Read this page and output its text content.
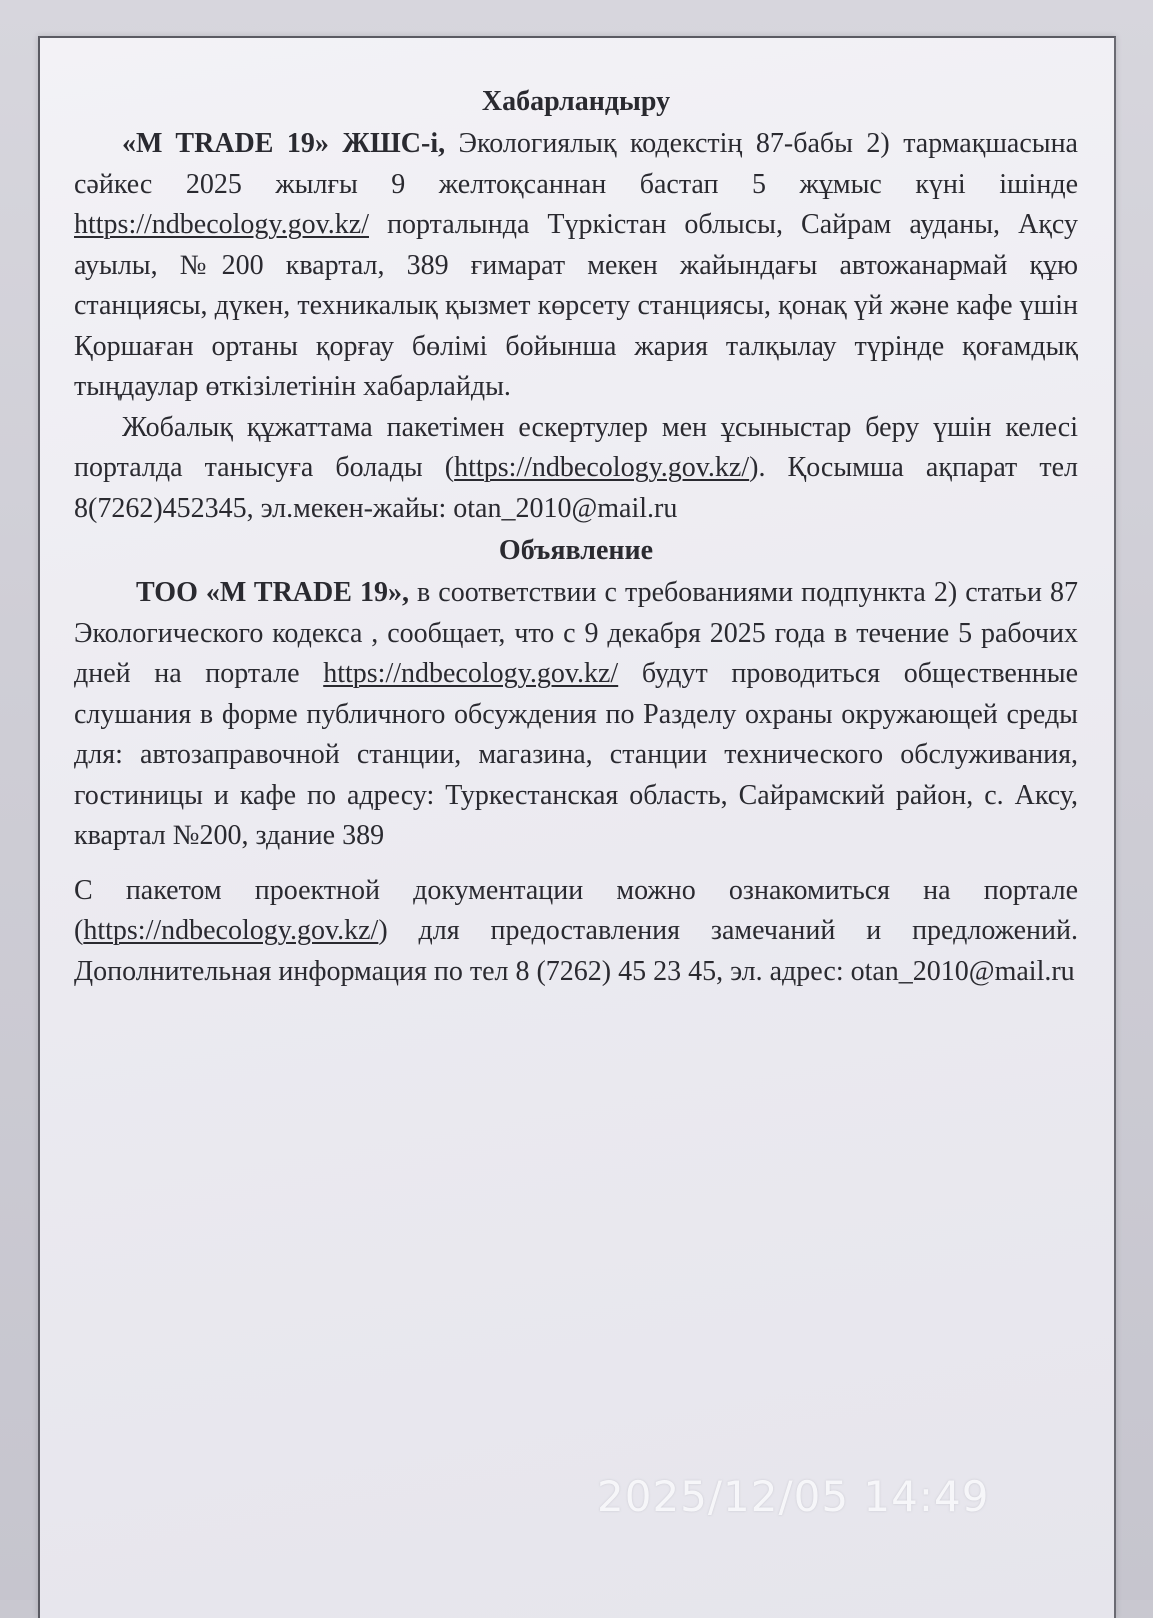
Хабарландыру

«M TRADE 19» ЖШС-і, Экологиялық кодекстің 87-бабы 2) тармақшасына сәйкес 2025 жылғы 9 желтоқсаннан бастап 5 жұмыс күні ішінде https://ndbecology.gov.kz/ порталында Түркістан облысы, Сайрам ауданы, Ақсу ауылы, №200 квартал, 389 ғимарат мекен жайындағы автожанармай құю станциясы, дүкен, техникалық қызмет көрсету станциясы, қонақ үй және кафе үшін Қоршаған ортаны қорғау бөлімі бойынша жария талқылау түрінде қоғамдық тыңдаулар өткізілетінін хабарлайды.

Жобалық құжаттама пакетімен ескертулер мен ұсыныстар беру үшін келесі порталда танысуға болады (https://ndbecology.gov.kz/). Қосымша ақпарат тел 8(7262)452345, эл.мекен-жайы: otan_2010@mail.ru

Объявление

ТОО «M TRADE 19», в соответствии с требованиями подпункта 2) статьи 87 Экологического кодекса , сообщает, что с 9 декабря 2025 года в течение 5 рабочих дней на портале https://ndbecology.gov.kz/ будут проводиться общественные слушания в форме публичного обсуждения по Разделу охраны окружающей среды для: автозаправочной станции, магазина, станции технического обслуживания, гостиницы и кафе по адресу: Туркестанская область, Сайрамский район, с. Аксу, квартал №200, здание 389

С пакетом проектной документации можно ознакомиться на портале (https://ndbecology.gov.kz/) для предоставления замечаний и предложений. Дополнительная информация по тел 8 (7262) 45 23 45, эл. адрес: otan_2010@mail.ru

2025/12/05 14:49
